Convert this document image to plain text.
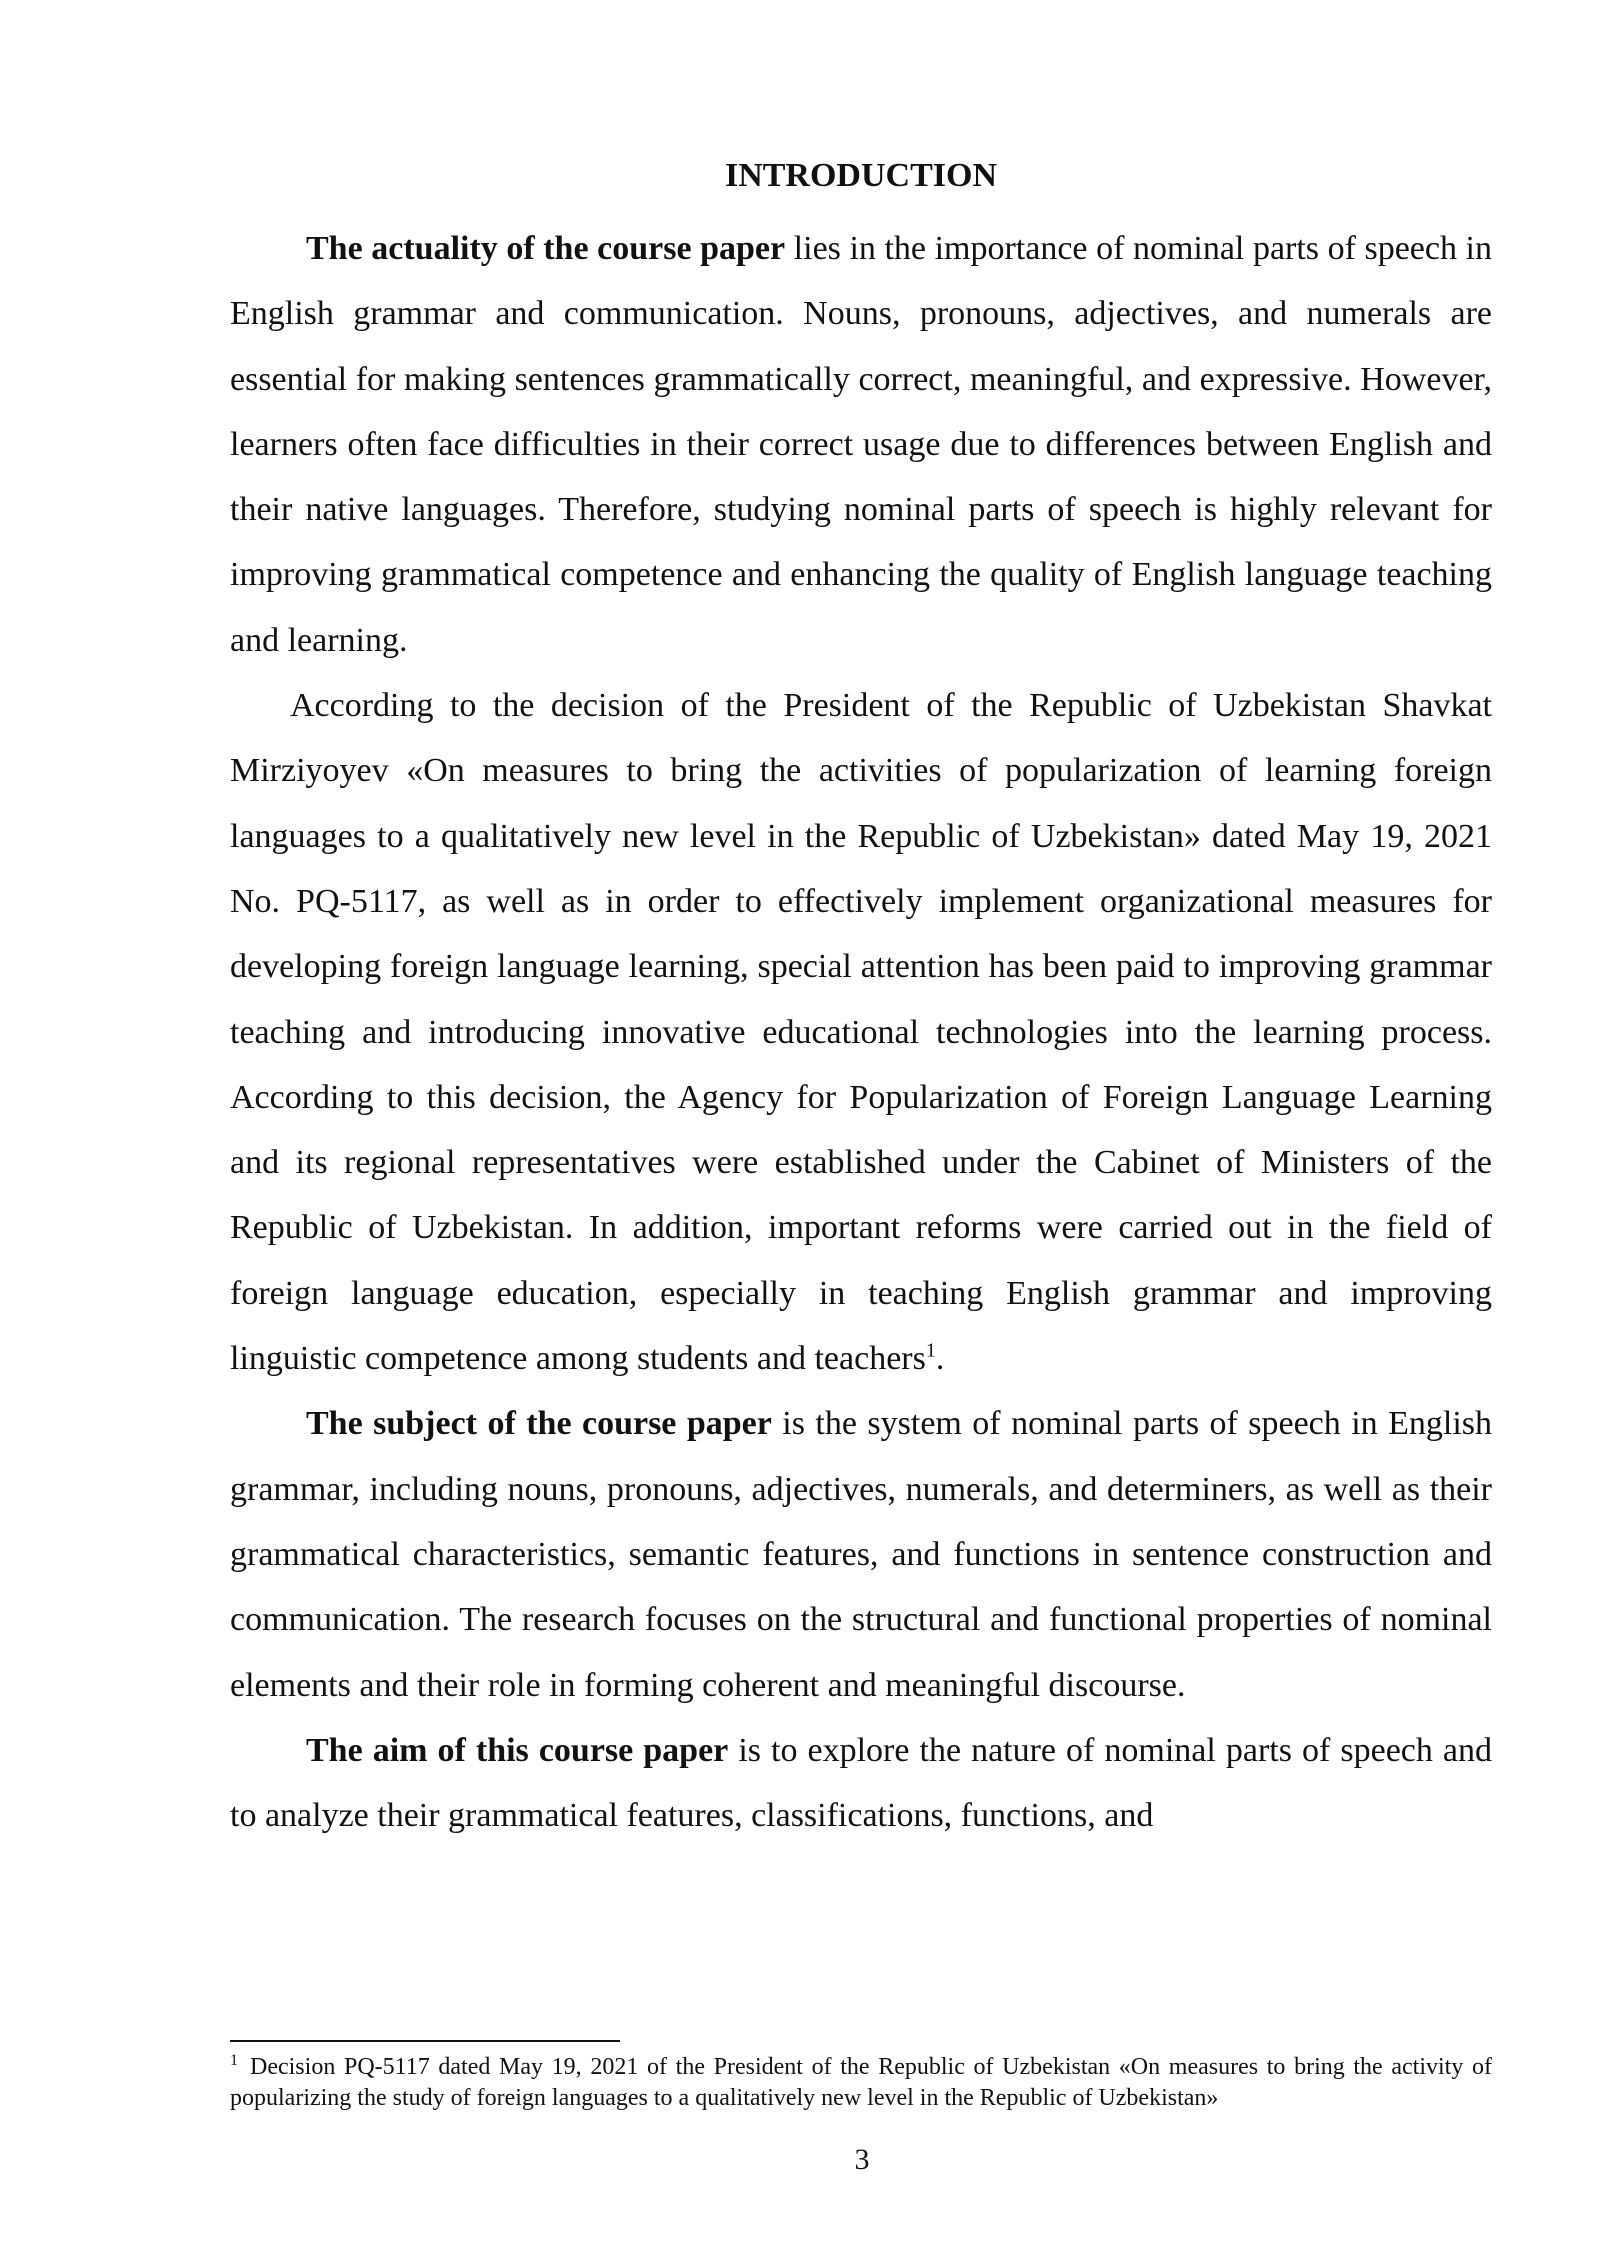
INTRODUCTION

The actuality of the course paper lies in the importance of nominal parts of speech in English grammar and communication. Nouns, pronouns, adjectives, and numerals are essential for making sentences grammatically correct, meaningful, and expressive. However, learners often face difficulties in their correct usage due to differences between English and their native languages. Therefore, studying nominal parts of speech is highly relevant for improving grammatical competence and enhancing the quality of English language teaching and learning.

According to the decision of the President of the Republic of Uzbekistan Shavkat Mirziyoyev «On measures to bring the activities of popularization of learning foreign languages to a qualitatively new level in the Republic of Uzbekistan» dated May 19, 2021 No. PQ-5117, as well as in order to effectively implement organizational measures for developing foreign language learning, special attention has been paid to improving grammar teaching and introducing innovative educational technologies into the learning process. According to this decision, the Agency for Popularization of Foreign Language Learning and its regional representatives were established under the Cabinet of Ministers of the Republic of Uzbekistan. In addition, important reforms were carried out in the field of foreign language education, especially in teaching English grammar and improving linguistic competence among students and teachers$^1$.

The subject of the course paper is the system of nominal parts of speech in English grammar, including nouns, pronouns, adjectives, numerals, and determiners, as well as their grammatical characteristics, semantic features, and functions in sentence construction and communication. The research focuses on the structural and functional properties of nominal elements and their role in forming coherent and meaningful discourse.

The aim of this course paper is to explore the nature of nominal parts of speech and to analyze their grammatical features, classifications, functions, and

$^1$ Decision PQ-5117 dated May 19, 2021 of the President of the Republic of Uzbekistan «On measures to bring the activity of popularizing the study of foreign languages to a qualitatively new level in the Republic of Uzbekistan»

3
